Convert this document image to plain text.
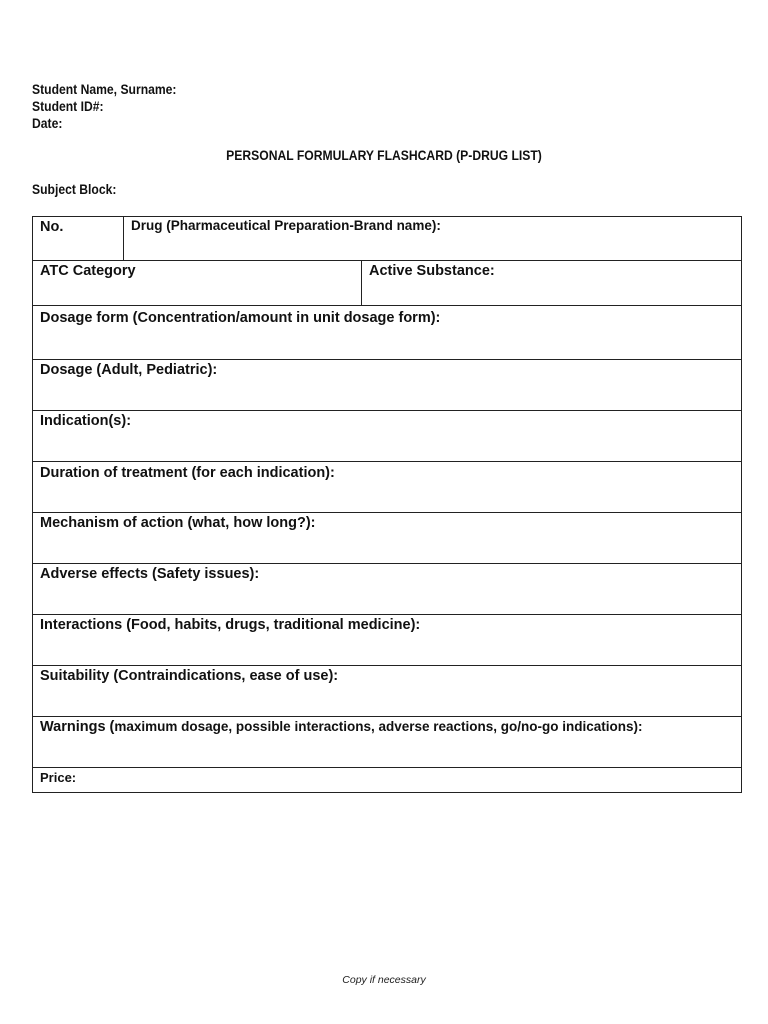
Student Name, Surname:
Student ID#:
Date:
PERSONAL FORMULARY FLASHCARD (P-DRUG LIST)
Subject Block:
No.	Drug (Pharmaceutical Preparation-Brand name):
ATC Category	Active Substance:
Dosage form (Concentration/amount in unit dosage form):
Dosage (Adult, Pediatric):
Indication(s):
Duration of treatment (for each indication):
Mechanism of action (what, how long?):
Adverse effects (Safety issues):
Interactions (Food, habits, drugs, traditional medicine):
Suitability (Contraindications, ease of use):
Warnings (maximum dosage, possible interactions, adverse reactions, go/no-go indications):
Price:
Copy if necessary
